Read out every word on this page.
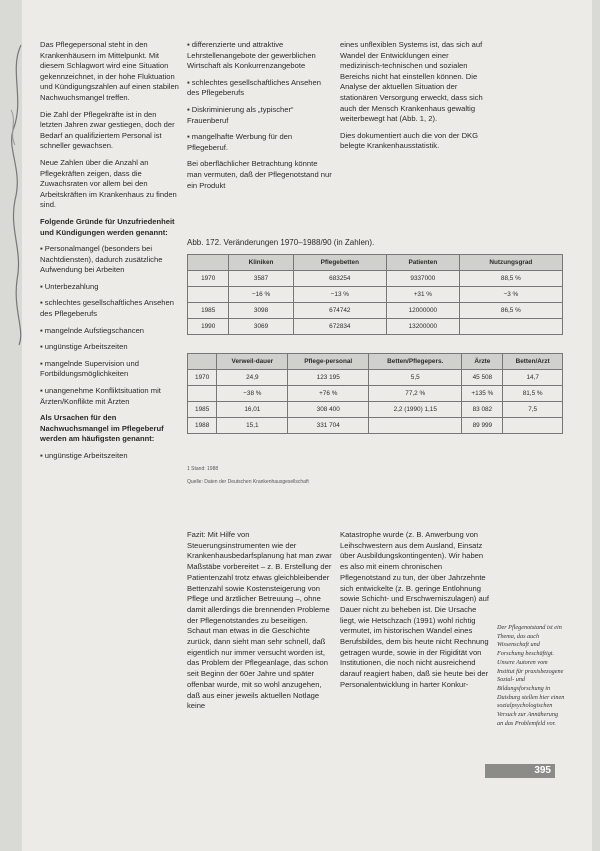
Das Pflegepersonal steht in den Krankenhäusern im Mittelpunkt. Mit diesem Schlagwort wird eine Situation gekennzeichnet, in der hohe Fluktuation und Kündigungszahlen auf einen stabilen Nachwuchsmangel treffen.

Die Zahl der Pflegekräfte ist in den letzten Jahren zwar gestiegen, doch der Bedarf an qualifiziertem Personal ist schneller gewachsen.

Neue Zahlen über die Anzahl an Pflegekräften zeigen, dass die Zuwachsraten vor allem bei den Arbeitskräften im Krankenhaus zu finden sind.

Folgende Gründe für Unzufriedenheit und Kündigungen werden genannt:

▪ Personalmangel (besonders bei Nachtdiensten), dadurch zusätzliche Aufwendung bei Arbeiten

▪ Unterbezahlung

▪ schlechtes gesellschaftliches Ansehen des Pflegeberufs

▪ mangelnde Aufstiegschancen

▪ ungünstige Arbeitszeiten

▪ mangelnde Supervision und Fortbildungsmöglichkeiten

▪ unangenehme Konfliktsituation mit Ärzten/Konflikte mit Ärzten

Als Ursachen für den Nachwuchsmangel im Pflegeberuf werden am häufigsten genannt:

▪ ungünstige Arbeitszeiten

▪ differenzierte und attraktive Lehrstellenangebote der gewerblichen Wirtschaft als Konkurrenzangebote

▪ schlechtes gesellschaftliches Ansehen des Pflegeberufs

▪ Diskriminierung als „typischer“ Frauenberuf

▪ mangelhafte Werbung für den Pflegeberuf.

Bei oberflächlicher Betrachtung könnte man vermuten, daß der Pflegenotstand nur ein Produkt

eines unflexiblen Systems ist, das sich auf Wandel der Entwicklungen einer medizinisch-technischen und sozialen Bereichs nicht hat einstellen können. Die Analyse der aktuellen Situation der stationären Versorgung erweckt, dass sich auch der Mensch Krankenhaus gewaltig weiterbewegt hat (Abb. 1, 2).

Dies dokumentiert auch die von der DKG belegte Krankenhausstatistik.

Abb. 172. Veränderungen 1970–1988/90 (in Zahlen).
	Kliniken	Pflegebetten	Patienten	Nutzungsgrad
1970	3587	683254	9337000	88,5 %
	−16 %	−13 %	+31 %	−3 %
1985	3098	674742	12000000	86,5 %
1990	3069	672834	13200000	
	Verweil-dauer	Pflege-personal	Betten/Pflegepers.	Ärzte	Betten/Arzt
1970	24,9	123 195	5,5	45 508	14,7
	−38 %	+76 %	77,2 %	+135 %	81,5 %
1985	16,01	308 400	2,2 (1990) 1,15	83 082	7,5
1988	15,1	331 704		89 999	
1 Stand: 1988
Quelle: Daten der Deutschen Krankenhausgesellschaft
Fazit: Mit Hilfe von Steuerungsinstrumenten wie der Krankenhausbedarfsplanung hat man zwar Maßstäbe vorbereitet – z. B. Erstellung der Patientenzahl trotz etwas gleichbleibender Bettenzahl sowie Kostensteigerung von Pflege und ärztlicher Betreuung –, ohne damit allerdings die brennenden Probleme der Pflegenotstandes zu beseitigen. Schaut man etwas in die Geschichte zurück, dann sieht man sehr schnell, daß eigentlich nur immer versucht worden ist, das Problem der Pflegeanlage, das schon seit Beginn der 60er Jahre und später offenbar wurde, mit so wohl anzugehen, daß aus einer jeweils aktuellen Notlage keine
Katastrophe wurde (z. B. Anwerbung von Leihschwestern aus dem Ausland, Einsatz über Ausbildungskontingenten). Wir haben es also mit einem chronischen Pflegenotstand zu tun, der über Jahrzehnte sich entwickelte (z. B. geringe Entlohnung sowie Schicht- und Erschwerniszulagen) auf Dauer nicht zu beheben ist. Die Ursache liegt, wie Hetschzach (1991) wohl richtig vermutet, im historischen Wandel eines Berufsbildes, dem bis heute nicht Rechnung getragen wurde, sowie in der Rigidität von Institutionen, die noch nicht ausreichend darauf reagiert haben, daß sie heute bei der Personalentwicklung in harter Konkur-
Der Pflegenotstand ist ein Thema, das auch Wissenschaft und Forschung beschäftigt. Unsere Autoren vom Institut für praxisbezogene Sozial- und Bildungsforschung in Duisburg stellen hier einen sozialpsychologischen Versuch zur Annäherung an das Problemfeld vor.
395
